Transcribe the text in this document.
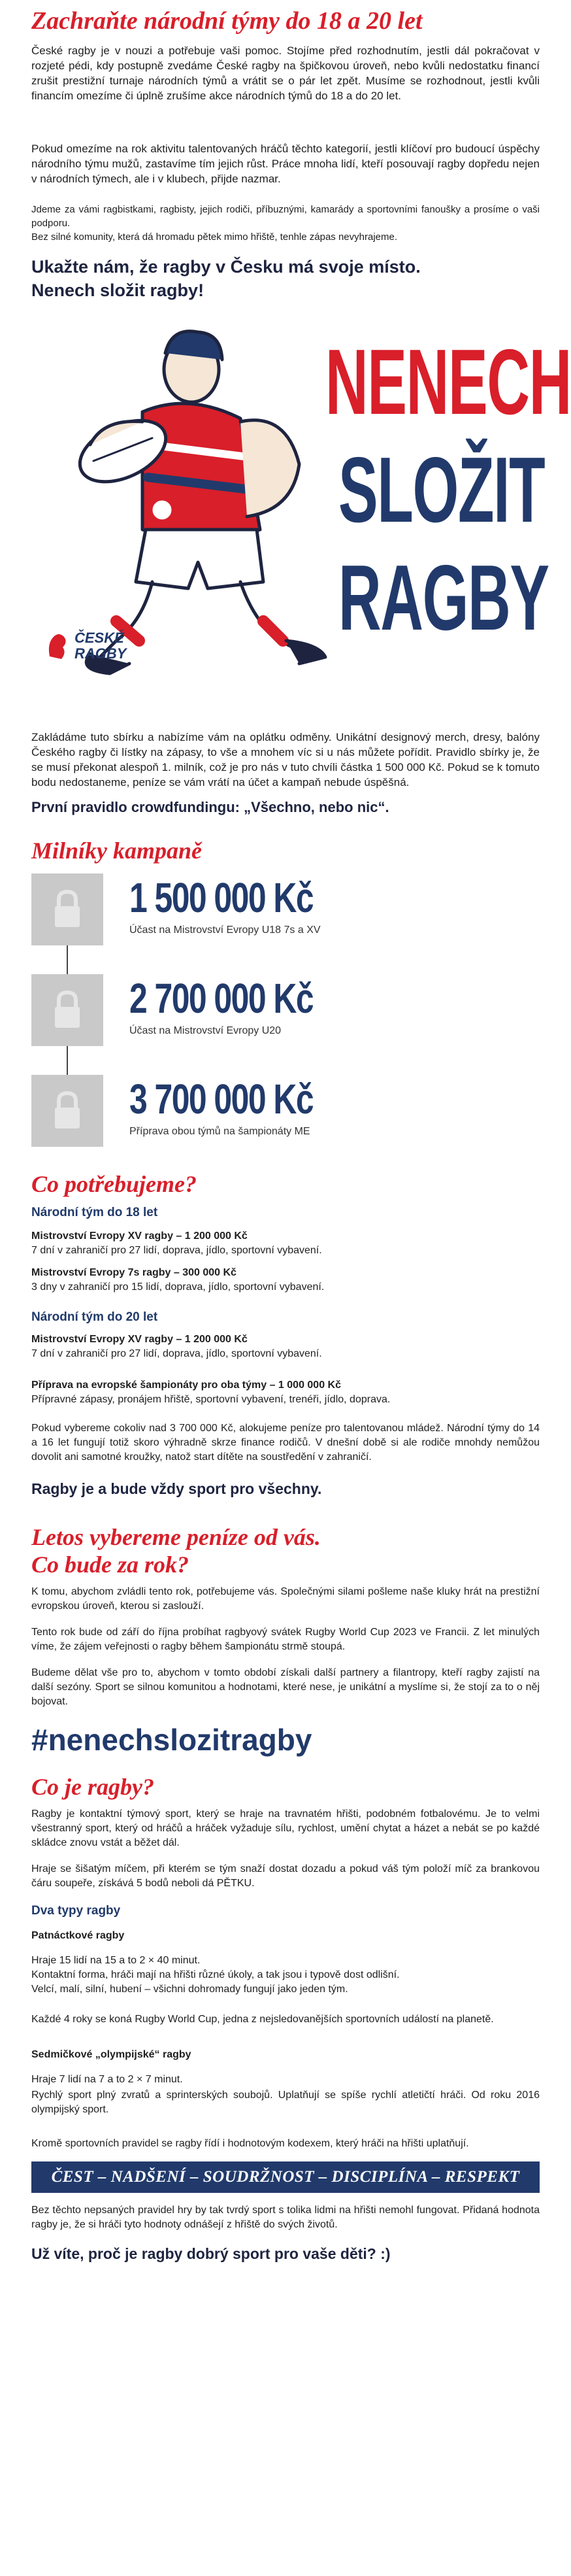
Zachraňte národní týmy do 18 a 20 let

České ragby je v nouzi a potřebuje vaši pomoc. Stojíme před rozhodnutím, jestli dál pokračovat v rozjeté pédi, kdy postupně zvedáme České ragby na špičkovou úroveň, nebo kvůli nedostatku financí zrušit prestižní turnaje národních týmů a vrátit se o pár let zpět. Musíme se rozhodnout, jestli kvůli financím omezíme či úplně zrušíme akce národních týmů do 18 a do 20 let.

Pokud omezíme na rok aktivitu talentovaných hráčů těchto kategorií, jestli klíčoví pro budoucí úspěchy národního týmu mužů, zastavíme tím jejich růst. Práce mnoha lidí, kteří posouvají ragby dopředu nejen v národních týmech, ale i v klubech, přijde nazmar.

Jdeme za vámi ragbistkami, ragbisty, jejich rodiči, příbuznými, kamarády a sportovními fanoušky a prosíme o vaši podporu.

Bez silné komunity, která dá hromadu pětek mimo hřiště, tenhle zápas nevyhrajeme.

Ukažte nám, že ragby v Česku má svoje místo.
Nenech složit ragby!
ČESKÉ
RAGBY
NENECH
SLOŽIT
RAGBY

Zakládáme tuto sbírku a nabízíme vám na oplátku odměny. Unikátní designový merch, dresy, balóny Českého ragby či lístky na zápasy, to vše a mnohem víc si u nás můžete pořídit. Pravidlo sbírky je, že se musí překonat alespoň 1. milník, což je pro nás v tuto chvíli částka 1 500 000 Kč. Pokud se k tomuto bodu nedostaneme, peníze se vám vrátí na účet a kampaň nebude úspěšná.

První pravidlo crowdfundingu: „Všechno, nebo nic“.
Milníky kampaně
1 500 000 Kč
Účast na Mistrovství Evropy U18 7s a XV
2 700 000 Kč
Účast na Mistrovství Evropy U20
3 700 000 Kč
Příprava obou týmů na šampionáty ME
Co potřebujeme?
Národní tým do 18 let
Mistrovství Evropy XV ragby – 1 200 000 Kč
7 dní v zahraničí pro 27 lidí, doprava, jídlo, sportovní vybavení.
Mistrovství Evropy 7s ragby – 300 000 Kč
3 dny v zahraničí pro 15 lidí, doprava, jídlo, sportovní vybavení.
Národní tým do 20 let
Mistrovství Evropy XV ragby – 1 200 000 Kč
7 dní v zahraničí pro 27 lidí, doprava, jídlo, sportovní vybavení.
Příprava na evropské šampionáty pro oba týmy – 1 000 000 Kč
Přípravné zápasy, pronájem hřiště, sportovní vybavení, trenéři, jídlo, doprava.

Pokud vybereme cokoliv nad 3 700 000 Kč, alokujeme peníze pro talentovanou mládež. Národní týmy do 14 a 16 let fungují totiž skoro výhradně skrze finance rodičů. V dnešní době si ale rodiče mnohdy nemůžou dovolit ani samotné kroužky, natož start dítěte na soustředění v zahraničí.

Ragby je a bude vždy sport pro všechny.
Letos vybereme peníze od vás.
Co bude za rok?

K tomu, abychom zvládli tento rok, potřebujeme vás. Společnými silami pošleme naše kluky hrát na prestižní evropskou úroveň, kterou si zaslouží.

Tento rok bude od září do října probíhat ragbyový svátek Rugby World Cup 2023 ve Francii. Z let minulých víme, že zájem veřejnosti o ragby během šampionátu strmě stoupá.

Budeme dělat vše pro to, abychom v tomto období získali další partnery a filantropy, kteří ragby zajistí na další sezóny. Sport se silnou komunitou a hodnotami, které nese, je unikátní a myslíme si, že stojí za to o něj bojovat.

#nenechslozitragby
Co je ragby?

Ragby je kontaktní týmový sport, který se hraje na travnatém hřišti, podobném fotbalovému. Je to velmi všestranný sport, který od hráčů a hráček vyžaduje sílu, rychlost, umění chytat a házet a nebát se po každé skládce znovu vstát a běžet dál.

Hraje se šišatým míčem, při kterém se tým snaží dostat dozadu a pokud váš tým položí míč za brankovou čáru soupeře, získává 5 bodů neboli dá PĚTKU.

Dva typy ragby
Patnáctkové ragby
Hraje 15 lidí na 15 a to 2 × 40 minut.
Kontaktní forma, hráči mají na hřišti různé úkoly, a tak jsou i typově dost odlišní.
Velcí, malí, silní, hubení – všichni dohromady fungují jako jeden tým.
Každé 4 roky se koná Rugby World Cup, jedna z nejsledovanějších sportovních událostí na planetě.
Sedmičkové „olympijské“ ragby
Hraje 7 lidí na 7 a to 2 × 7 minut.

Rychlý sport plný zvratů a sprinterských soubojů. Uplatňují se spíše rychlí atletičtí hráči. Od roku 2016 olympijský sport.

Kromě sportovních pravidel se ragby řídí i hodnotovým kodexem, který hráči na hřišti uplatňují.
ČEST – NADŠENÍ – SOUDRŽNOST – DISCIPLÍNA – RESPEKT

Bez těchto nepsaných pravidel hry by tak tvrdý sport s tolika lidmi na hřišti nemohl fungovat. Přidaná hodnota ragby je, že si hráči tyto hodnoty odnášejí z hřiště do svých životů.

Už víte, proč je ragby dobrý sport pro vaše děti? :)
